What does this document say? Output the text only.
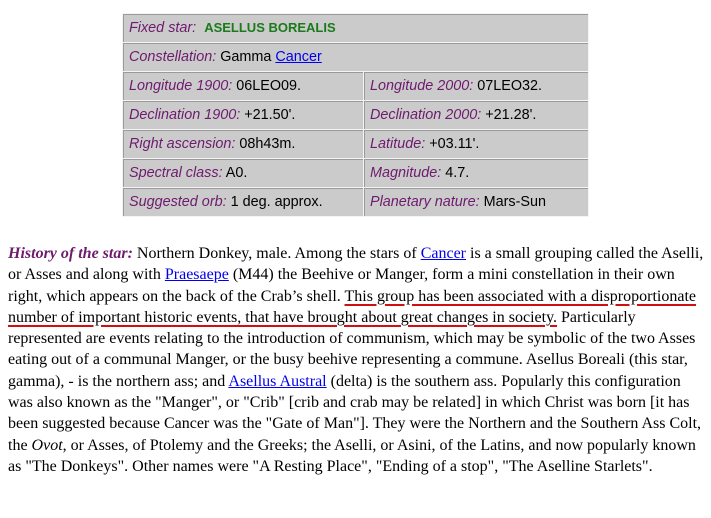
Fixed star: ASELLUS BOREALIS	
Constellation: Gamma Cancer	
Longitude 1900: 06LEO09.	Longitude 2000: 07LEO32.
Declination 1900: +21.50'.	Declination 2000: +21.28'.
Right ascension: 08h43m.	Latitude: +03.11'.
Spectral class: A0.	Magnitude: 4.7.
Suggested orb: 1 deg. approx.	Planetary nature: Mars-Sun

History of the star: Northern Donkey, male. Among the stars of Cancer is a small grouping called the Aselli, or Asses and along with Praesaepe (M44) the Beehive or Manger, form a mini constellation in their own right, which appears on the back of the Crab’s shell. This group has been associated with a disproportionate number of important historic events, that have brought about great changes in society. Particularly represented are events relating to the introduction of communism, which may be symbolic of the two Asses eating out of a communal Manger, or the busy beehive representing a commune. Asellus Boreali (this star, gamma), - is the northern ass; and Asellus Austral (delta) is the southern ass. Popularly this configuration was also known as the "Manger", or "Crib" [crib and crab may be related] in which Christ was born [it has been suggested because Cancer was the "Gate of Man"]. They were the Northern and the Southern Ass Colt, the Ovot, or Asses, of Ptolemy and the Greeks; the Aselli, or Asini, of the Latins, and now popularly known as "The Donkeys". Other names were "A Resting Place", "Ending of a stop", "The Aselline Starlets".
